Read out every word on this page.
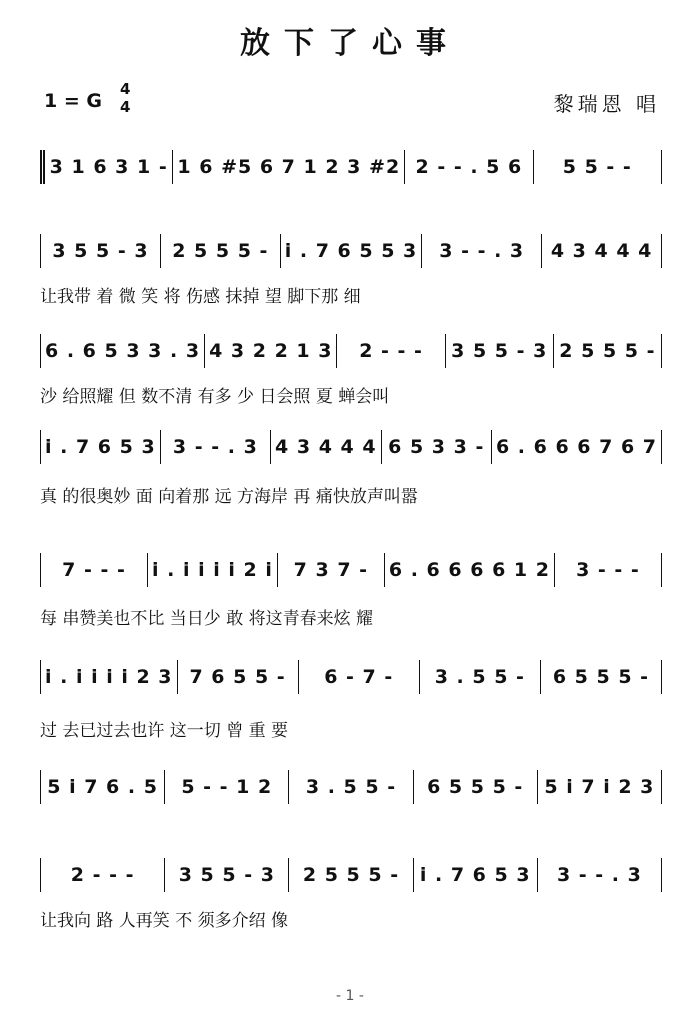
放下了心事
1 = G
4
4	黎瑞恩 唱
3 1 6 3 1 - 1 6 #5 6 7 1 2 3 #2 2 - - . 5 6	5 5 - -
3 5 5 - 3	2 5 5 5 - i . 7 6 5 5 3	3 - - . 3	4 3 4 4 4
让我带 着 微 笑 将 伤感 抹掉 望 脚下那 细
6 . 6 5 3 3 . 3 4 3 2 2 1 3	2 - - -	3 5 5 - 3 2 5 5 5 -
沙 给照耀 但 数不清 有多 少 日会照 夏 蝉会叫
i . 7 6 5 3 3 - - . 3 4 3 4 4 4 6 5 3 3 - 6 . 6 6 6 7 6 7
真 的很奥妙 面 向着那 远 方海岸 再 痛快放声叫嚣
7 - - -	i . i i i i 2 i	7 3 7 -	6 . 6 6 6 6 1 2	3 - - -
每 串赞美也不比 当日少 敢 将这青春来炫 耀
i . i i i i 2 3 7 6 5 5 -	6 - 7 -	3 . 5 5 -	6 5 5 5 -
过 去已过去也许 这一切 曾 重 要
5 i 7 6 . 5	5 - - 1 2	3 . 5 5 -	6 5 5 5 -	5 i 7 i 2 3
2 - - -	3 5 5 - 3	2 5 5 5 -	i . 7 6 5 3	3 - - . 3
让我向 路 人再笑 不 须多介绍 像
- 1 -
